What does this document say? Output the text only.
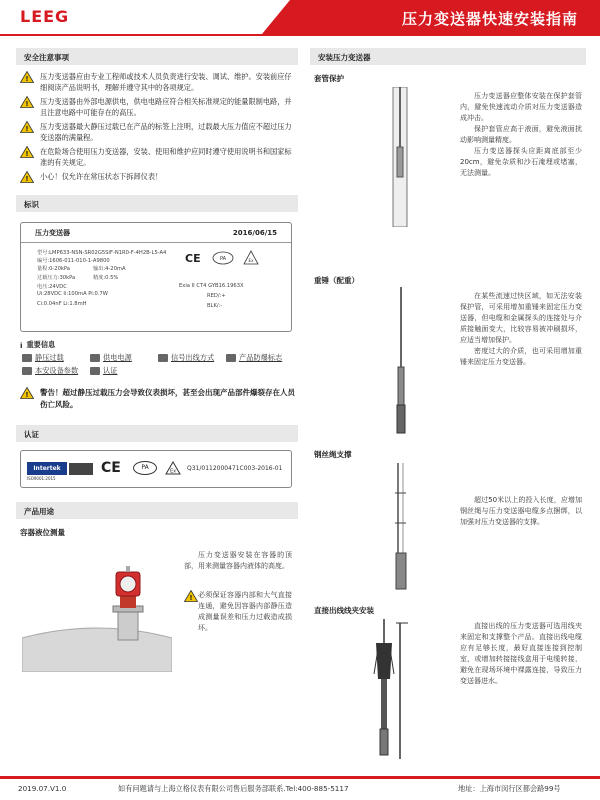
LEEG	压力变送器快速安装指南
安全注意事项
! 压力变送器应由专业工程师或技术人员负责进行安装、调试、维护。安装前应仔细阅读产品说明书，理解并遵守其中的各项规定。
! 压力变送器由外部电源供电，供电电路应符合相关标准规定的能量限制电路，并且注意电路中可能存在的高压。
! 压力变送器最大静压过载已在产品的标签上注明，过载最大压力值应不超过压力变送器的满量程。
! 在危险场合使用压力变送器，安装、使用和维护应同时遵守使用说明书和国家标准的有关规定。
! 小心！仅允许在常压状态下拆卸仪表！
标识
压力变送器	2016/06/15
型号:LMP633-NSN-SR02G5SIF-N1R0-F-4H2B-L5-A4
编号:1606-011-010-1-A9800
量程:0-20kPa	输出:4-20mA
过载压力:30kPa	精度:0.5%
电压:24VDC
Ui:28VDC Ii:100mA Pi:0.7W
Ci:0.04nF Li:1.8mH
CE	PA	Ex
Exia II CT4 GYB16.1963X
RED/:+
BLK/:-
i 重要信息
静压过载	供电电源	信号出线方式	产品防爆标志
本安设备参数	认证
! 警告！超过静压过载压力会导致仪表损坏，甚至会出现产品部件爆裂存在人员伤亡风险。
认证
Intertek
ISO9001:2015
CE	PA
Ex Q31/0112000471C003-2016-01
产品用途
容器液位测量
压力变送器安装在容器的顶部，用来测量容器内液体的高度。
! 必须保证容器内部和大气直接连通，避免因容器内部静压造成测量误差和压力过载造成损坏。
安装压力变送器
套管保护

压力变送器应整体安装在保护套管内，避免快速流动介质对压力变送器造成冲击。

保护套管应高于液面，避免液面扰动影响测量精度。

压力变送器探头应距离底部至少20cm，避免杂质和沙石淹埋或堵塞，无法测量。

重锤（配重）

在某些流速过快区域，如无法安装保护管，可采用增加重锤来固定压力变送器，但电缆和金属探头的连接处与介质接触面变大，比较容易被冲刷损坏，应适当增加保护。

密度过大的介质，也可采用增加重锤来固定压力变送器。

钢丝绳支撑
超过50米以上的投入长度，应增加钢丝绳与压力变送器电缆多点捆绑，以加强对压力变送器的支撑。
直接出线线夹安装
直接出线的压力变送器可选用线夹来固定和支撑整个产品。直接出线电缆应有足够长度，最好直接连接到控制室，或增加转接接线盒用于电缆转接，避免在现场环境中裸露连接，导致压力变送器进水。
2019.07.V1.0	如有问题请与上海立格仪表有限公司售后服务部联系.Tel:400-885-5117	地址：上海市闵行区都会路99号
